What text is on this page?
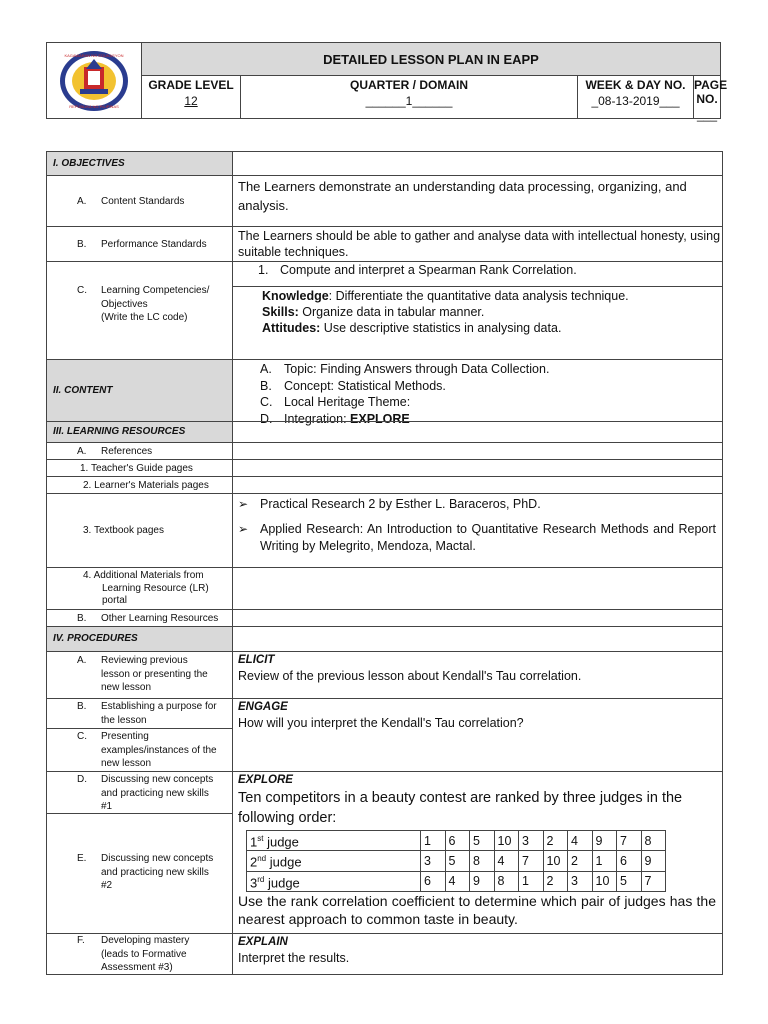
KAGAWARAN NG EDUKASYON
REPUBLIKA NG PILIPINAS
DETAILED LESSON PLAN IN EAPP
GRADE LEVEL
12
QUARTER / DOMAIN
______1______
WEEK & DAY NO.
_08-13-2019___
PAGE NO.
___
I. OBJECTIVES
A.	Content Standards
The Learners demonstrate an understanding data processing, organizing, and analysis.
B.	Performance Standards
The Learners should be able to gather and analyse data with intellectual honesty, using suitable techniques.
C.	Learning Competencies/
Objectives
(Write the LC code)
1. Compute and interpret a Spearman Rank Correlation.
Knowledge: Differentiate the quantitative data analysis technique.
Skills: Organize data in tabular manner.
Attitudes: Use descriptive statistics in analysing data.
II. CONTENT
A. Topic: Finding Answers through Data Collection.
B. Concept: Statistical Methods.
C. Local Heritage Theme:
D. Integration: EXPLORE
III. LEARNING RESOURCES
A.	References
1. Teacher's Guide pages
2. Learner's Materials pages
3. Textbook pages
➢ Practical Research 2 by Esther L. Baraceros, PhD.
➢ Applied Research: An Introduction to Quantitative Research Methods and Report Writing by Melegrito, Mendoza, Mactal.
4. Additional Materials from
Learning Resource (LR)
portal
B.	Other Learning Resources
IV. PROCEDURES
A.	Reviewing previous
lesson or presenting the
new lesson
ELICIT
Review of the previous lesson about Kendall's Tau correlation.
B.	Establishing a purpose for
the lesson
C.	Presenting
examples/instances of the
new lesson
ENGAGE
How will you interpret the Kendall's Tau correlation?
D.	Discussing new concepts
and practicing new skills
#1
E.	Discussing new concepts
and practicing new skills
#2
EXPLORE
Ten competitors in a beauty contest are ranked by three judges in the following order:
1st judge	1	6	5	10	3	2	4	9	7	8
2nd judge	3	5	8	4	7	10	2	1	6	9
3rd judge	6	4	9	8	1	2	3	10	5	7
Use the rank correlation coefficient to determine which pair of judges has the nearest approach to common taste in beauty.
F.	Developing mastery
(leads to Formative
Assessment #3)
EXPLAIN
Interpret the results.
